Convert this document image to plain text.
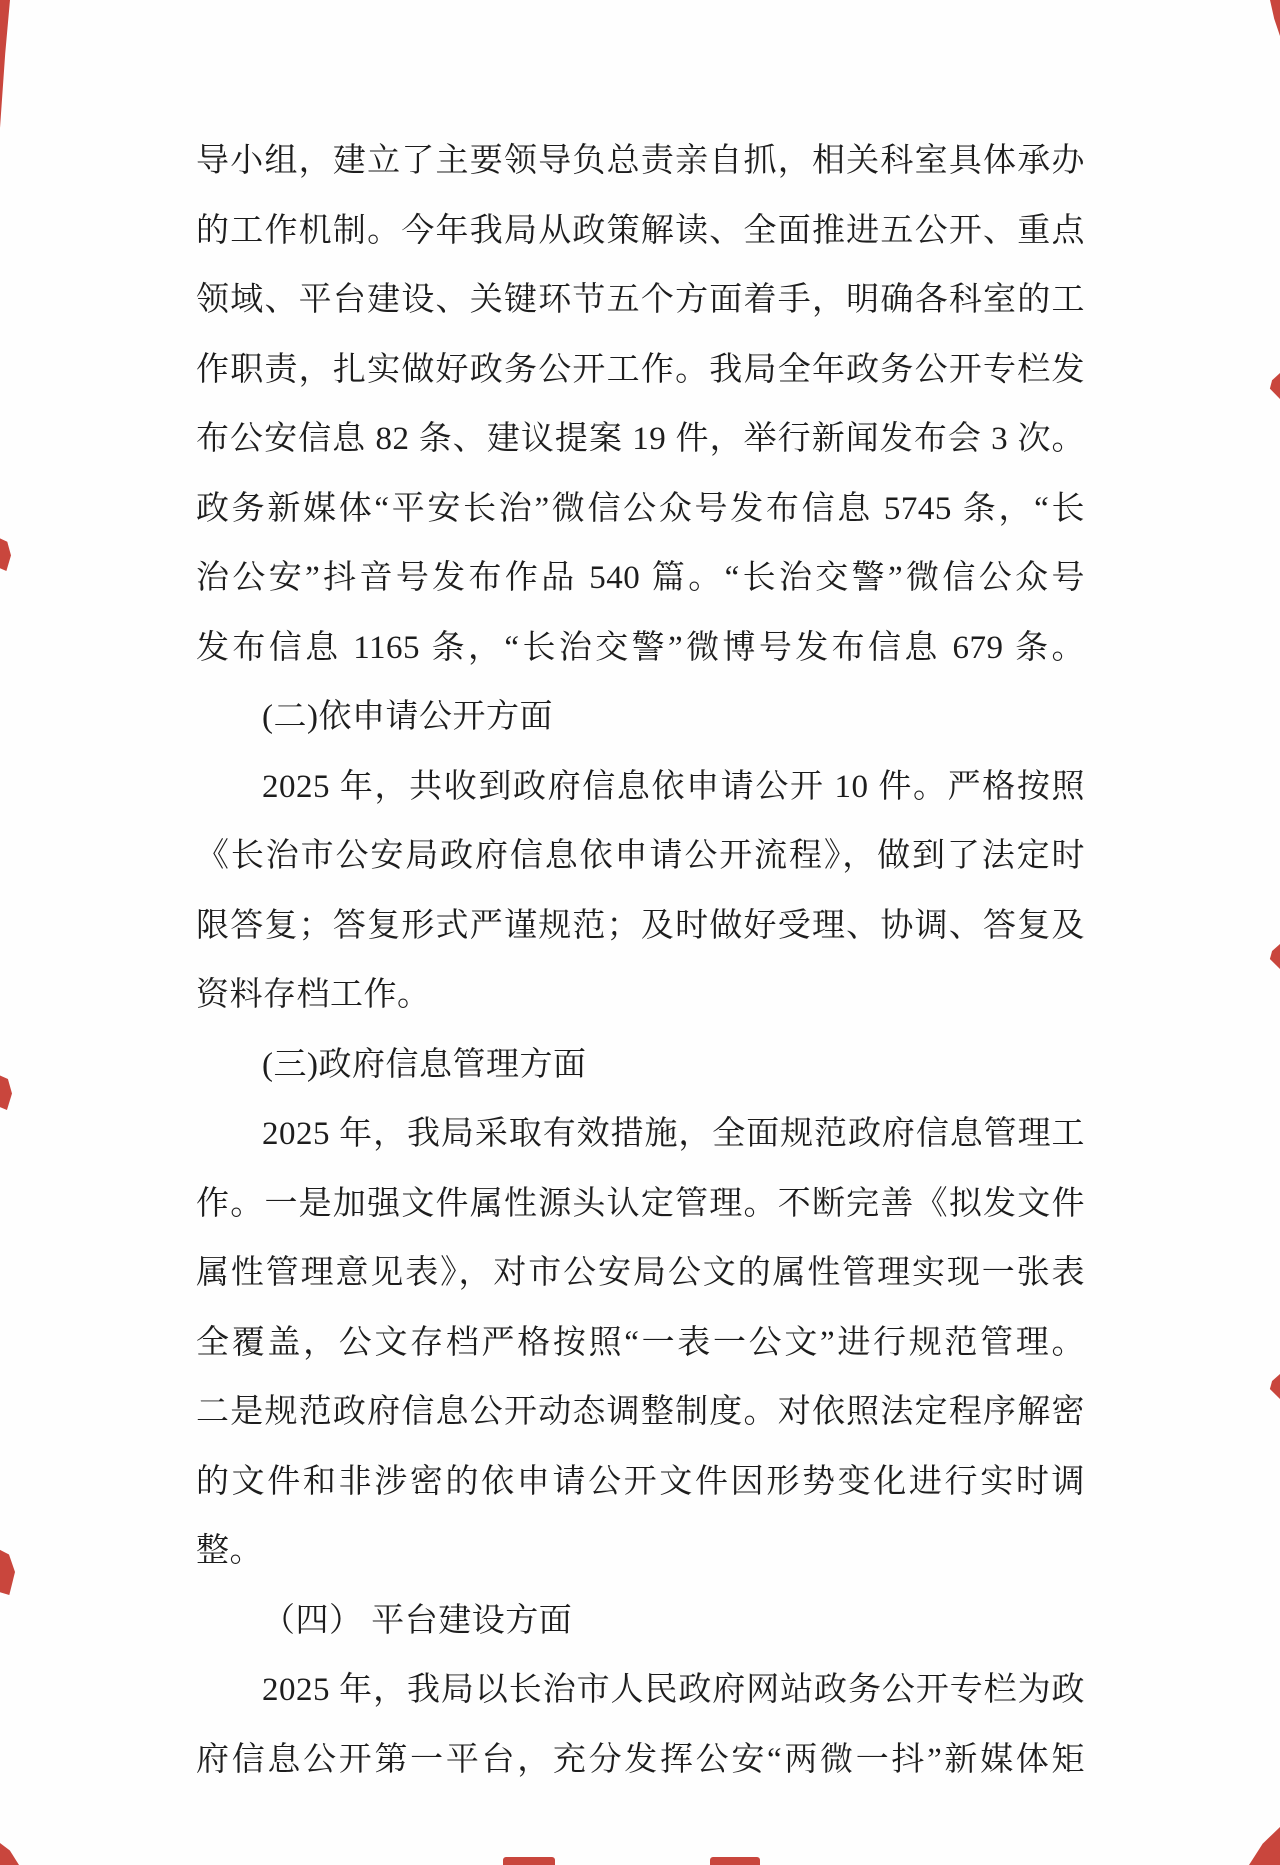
导小组，建立了主要领导负总责亲自抓，相关科室具体承办
的工作机制。今年我局从政策解读、全面推进五公开、重点
领域、平台建设、关键环节五个方面着手，明确各科室的工
作职责，扎实做好政务公开工作。我局全年政务公开专栏发
布公安信息 82 条、建议提案 19 件，举行新闻发布会 3 次。
政务新媒体“平安长治”微信公众号发布信息 5745 条，“长
治公安”抖音号发布作品 540 篇。“长治交警”微信公众号
发布信息 1165 条，“长治交警”微博号发布信息 679 条。
(二)依申请公开方面
2025 年，共收到政府信息依申请公开 10 件。严格按照
《长治市公安局政府信息依申请公开流程》，做到了法定时
限答复；答复形式严谨规范；及时做好受理、协调、答复及
资料存档工作。
(三)政府信息管理方面
2025 年，我局采取有效措施，全面规范政府信息管理工
作。一是加强文件属性源头认定管理。不断完善《拟发文件
属性管理意见表》，对市公安局公文的属性管理实现一张表
全覆盖，公文存档严格按照“一表一公文”进行规范管理。
二是规范政府信息公开动态调整制度。对依照法定程序解密
的文件和非涉密的依申请公开文件因形势变化进行实时调
整。
（四） 平台建设方面
2025 年，我局以长治市人民政府网站政务公开专栏为政
府信息公开第一平台，充分发挥公安“两微一抖”新媒体矩
